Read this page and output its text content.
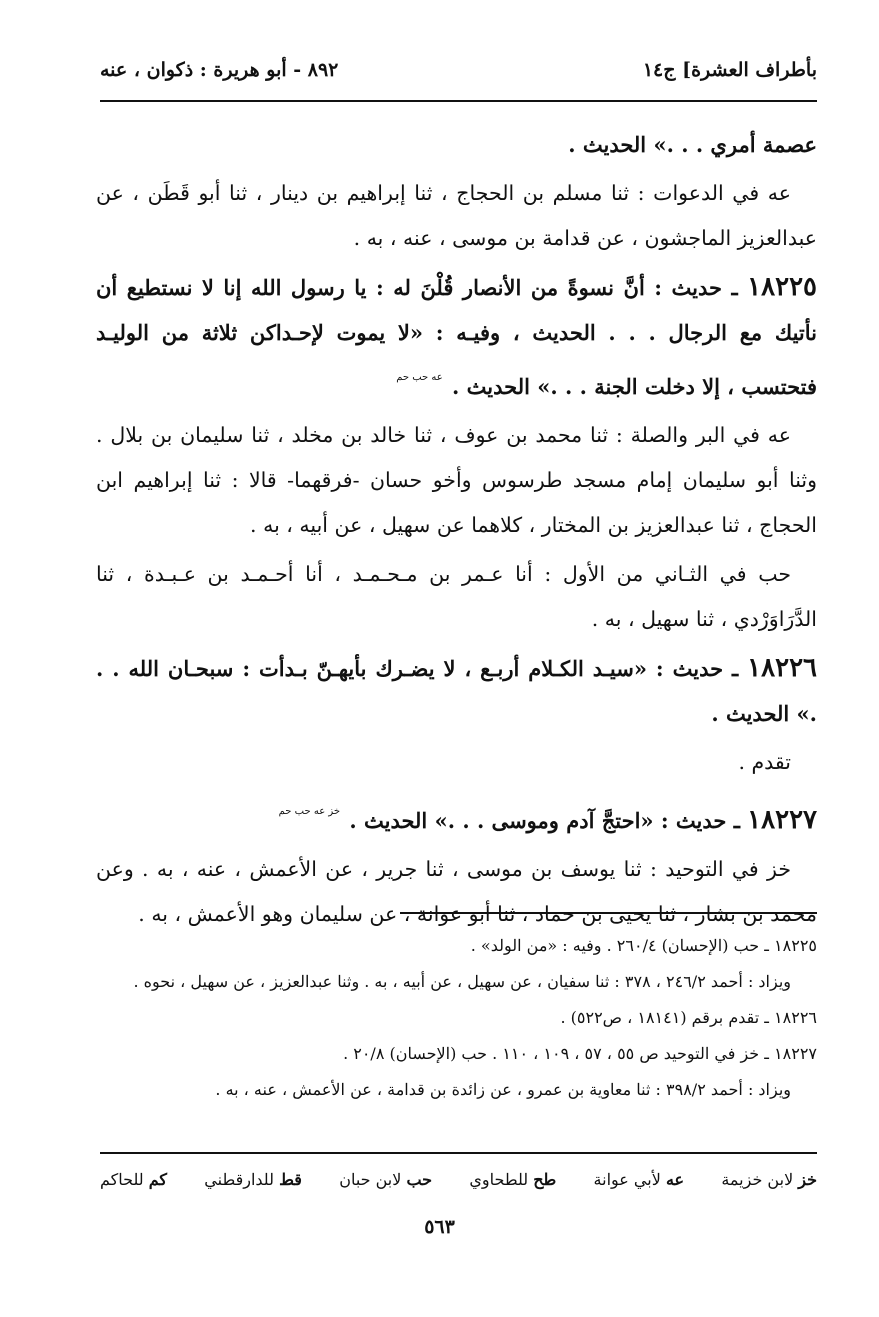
بأطراف العشرة] ج١٤
٨٩٢ - أبو هريرة : ذكوان ، عنه

عصمة أمري . . .» الحديث .

عه في الدعوات : ثنا مسلم بن الحجاج ، ثنا إبراهيم بن دينار ، ثنا أبو قَطَن ، عن عبدالعزيز الماجشون ، عن قدامة بن موسى ، عنه ، به .

١٨٢٢٥ ـ حديث : أنَّ نسوةً من الأنصار قُلْنَ له : يا رسول الله إنا لا نستطيع أن نأتيك مع الرجال . . . الحديث ، وفيـه : «لا يموت لإحـداكن ثلاثة من الوليـد فتحتسب ، إلا دخلت الجنة . . .» الحديث . $^{عه حب حم}$

عه في البر والصلة : ثنا محمد بن عوف ، ثنا خالد بن مخلد ، ثنا سليمان بن بلال . وثنا أبو سليمان إمام مسجد طرسوس وأخو حسان -فرقهما- قالا : ثنا إبراهيم ابن الحجاج ، ثنا عبدالعزيز بن المختار ، كلاهما عن سهيل ، عن أبيه ، به .

حب في الثـاني من الأول : أنا عـمر بن مـحـمـد ، أنا أحـمـد بن عـبـدة ، ثنا الدَّرَاوَرْدي ، ثنا سهيل ، به .

١٨٢٢٦ ـ حديث : «سيـد الكـلام أربـع ، لا يضـرك بأيهـنّ بـدأت : سبحـان الله . . .» الحديث .

تقدم .

١٨٢٢٧ ـ حديث : «احتجَّ آدم وموسى . . .» الحديث . $^{خز عه حب حم}$

خز في التوحيد : ثنا يوسف بن موسى ، ثنا جرير ، عن الأعمش ، عنه ، به . وعن محمد بن بشار ، ثنا يحيى بن حماد ، ثنا أبو عوانة ، عن سليمان وهو الأعمش ، به .

١٨٢٢٥ ـ حب (الإحسان) ٢٦٠/٤ . وفيه : «من الولد» .

ويزاد : أحمد ٢٤٦/٢ ، ٣٧٨ : ثنا سفيان ، عن سهيل ، عن أبيه ، به . وثنا عبدالعزيز ، عن سهيل ، نحوه .

١٨٢٢٦ ـ تقدم برقم (١٨١٤١ ، ص٥٢٢) .

١٨٢٢٧ ـ خز في التوحيد ص ٥٥ ، ٥٧ ، ١٠٩ ، ١١٠ . حب (الإحسان) ٢٠/٨ .

ويزاد : أحمد ٣٩٨/٢ : ثنا معاوية بن عمرو ، عن زائدة بن قدامة ، عن الأعمش ، عنه ، به .

خز لابن خزيمة
عه لأبي عوانة
طح للطحاوي
حب لابن حبان
قط للدارقطني
كم للحاكم
٥٦٣
